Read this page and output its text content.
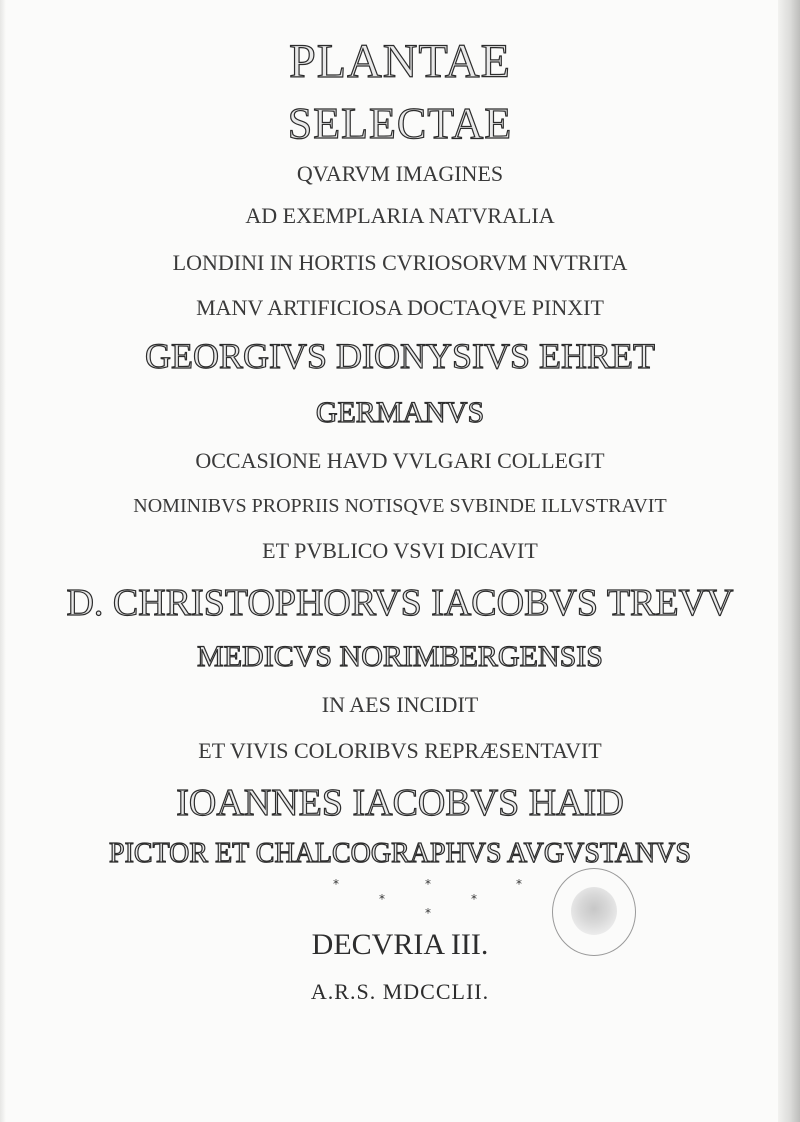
PLANTAE
SELECTAE
QVARVM IMAGINES
AD EXEMPLARIA NATVRALIA
LONDINI IN HORTIS CVRIOSORVM NVTRITA
MANV ARTIFICIOSA DOCTAQVE PINXIT
GEORGIVS DIONYSIVS EHRET
GERMANVS
OCCASIONE HAVD VVLGARI COLLEGIT
NOMINIBVS PROPRIIS NOTISQVE SVBINDE ILLVSTRAVIT
ET PVBLICO VSVI DICAVIT
D. CHRISTOPHORVS IACOBVS TREVV
MEDICVS NORIMBERGENSIS
IN AES INCIDIT
ET VIVIS COLORIBVS REPRÆSENTAVIT
IOANNES IACOBVS HAID
PICTOR ET CHALCOGRAPHVS AVGVSTANVS
*	*	*
*	*
*
DECVRIA III.
A.R.S. MDCCLII.
